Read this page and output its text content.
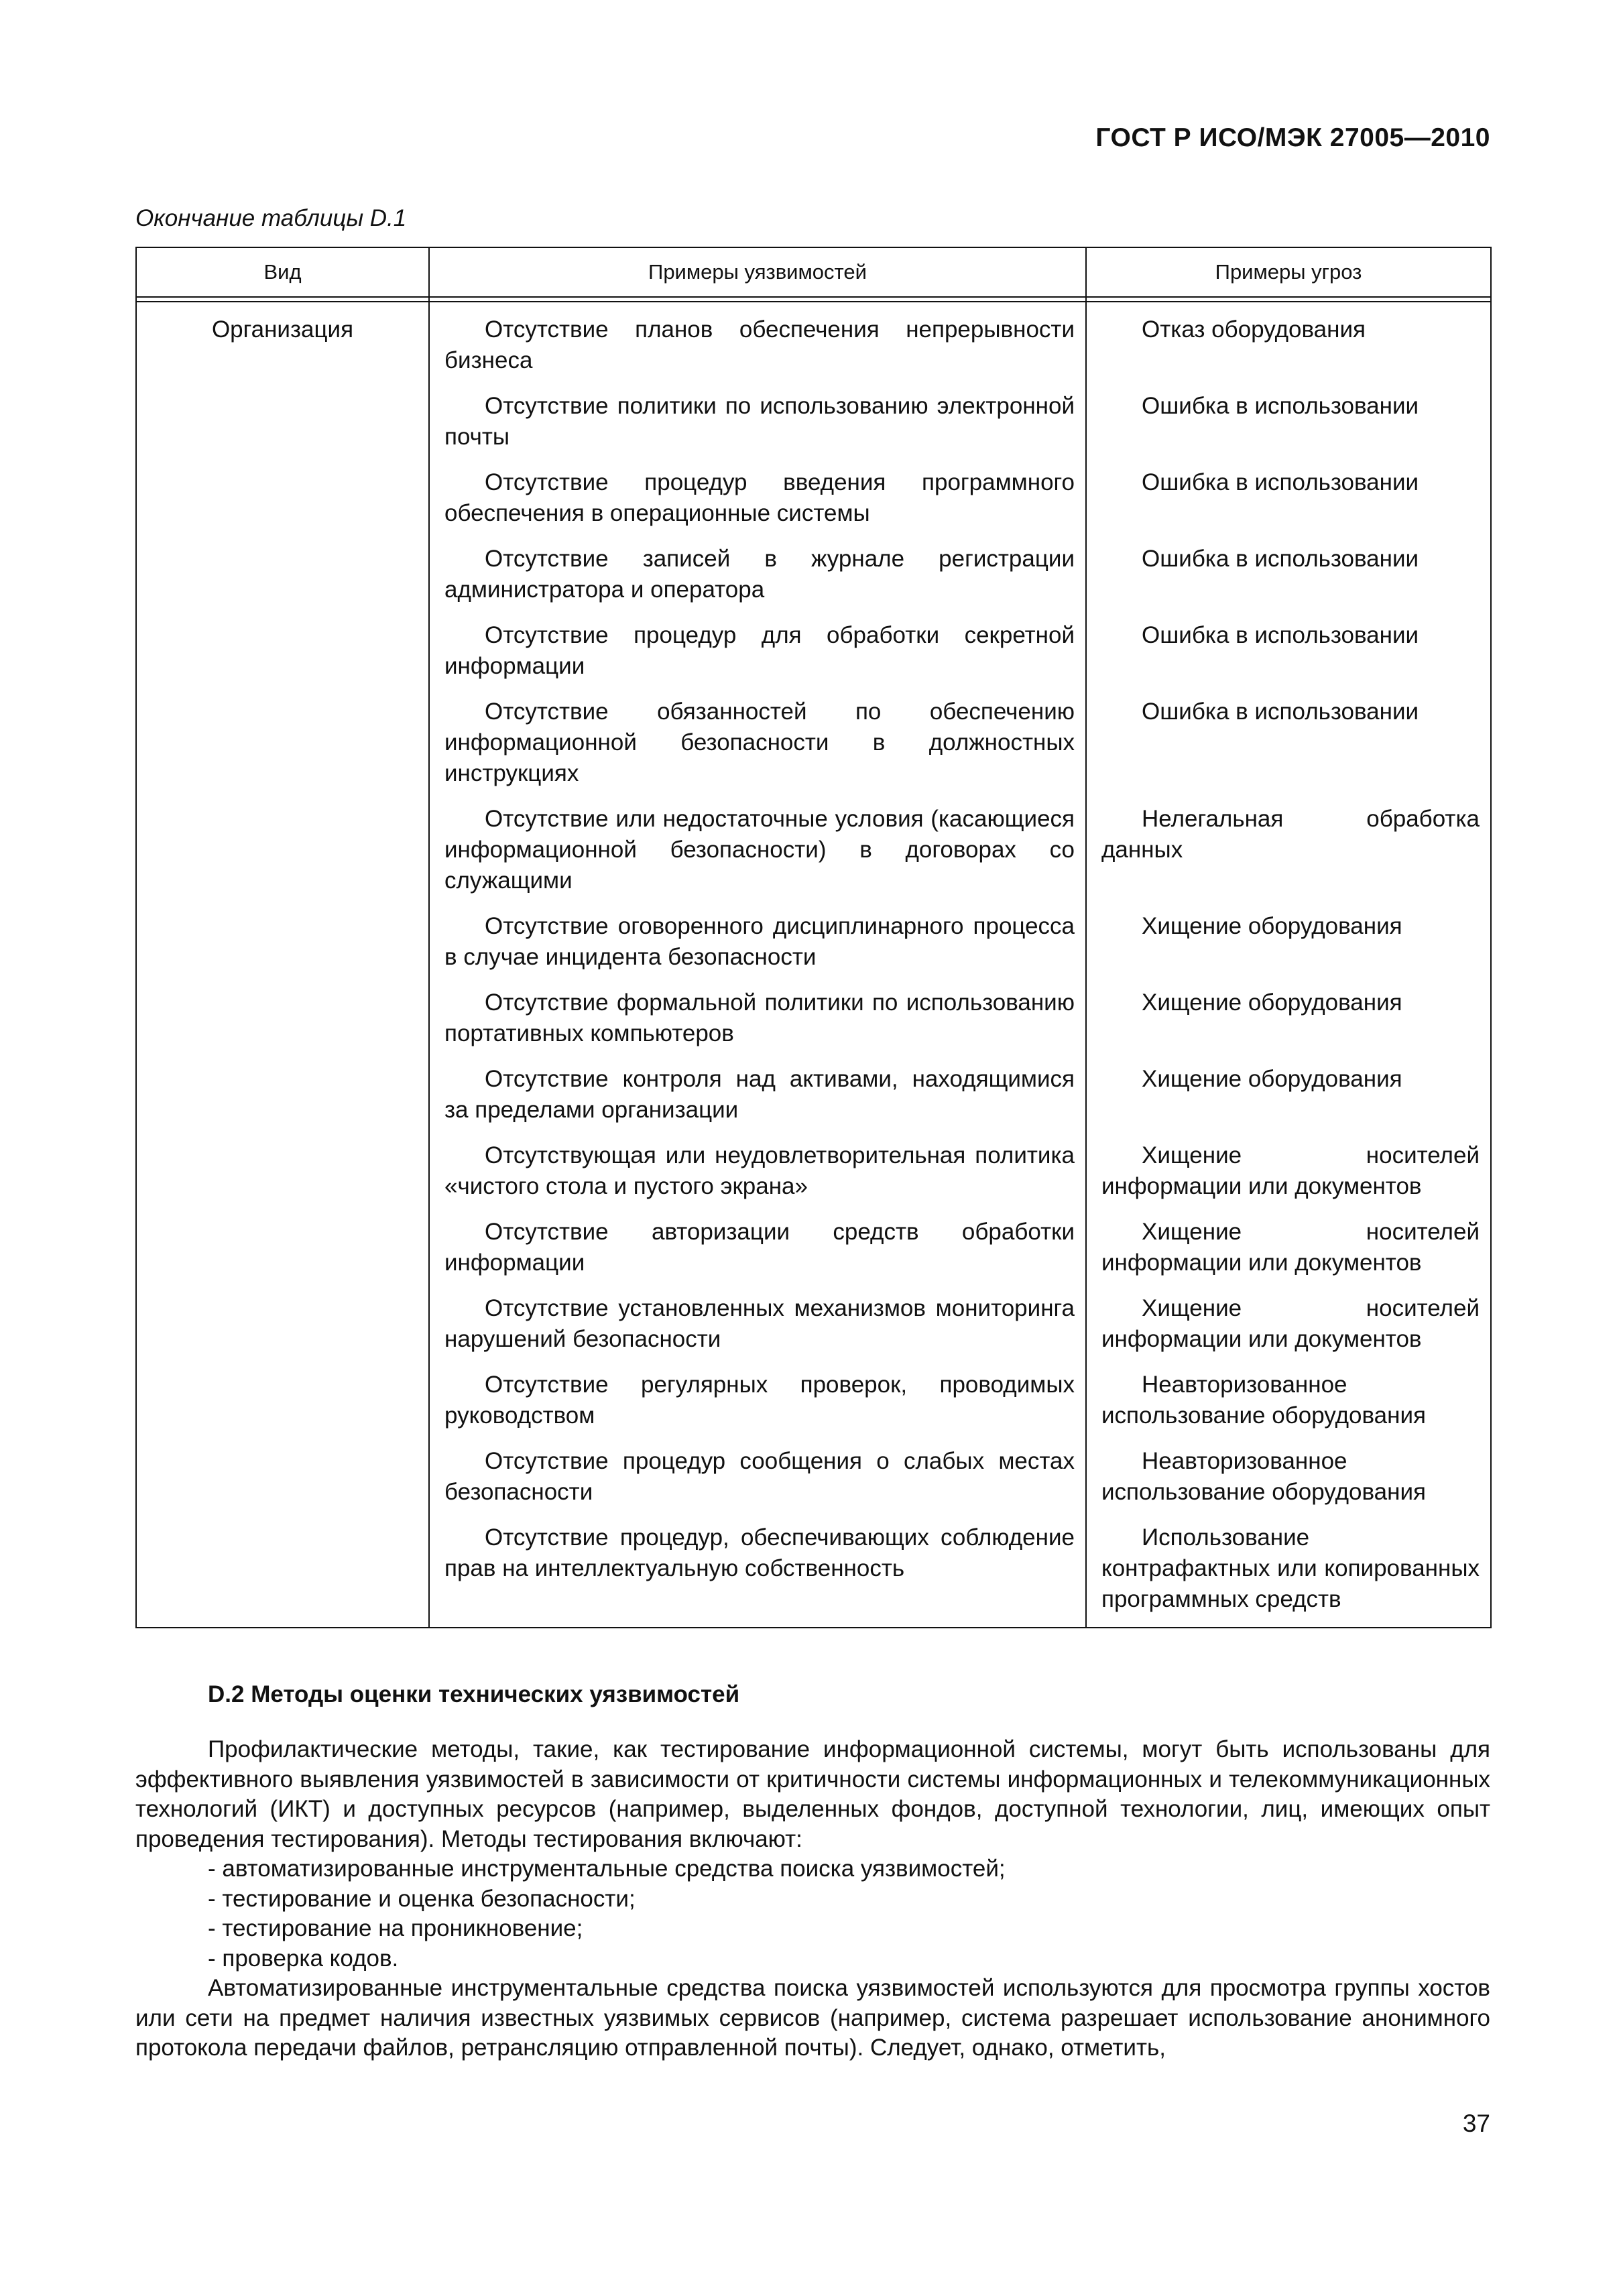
ГОСТ Р ИСО/МЭК 27005—2010
Окончание таблицы D.1
Вид	Примеры уязвимостей	Примеры угроз

Организация	Отсутствие планов обеспечения непрерывности бизнеса	Отказ оборудования

	Отсутствие политики по использованию электронной почты	Ошибка в использовании

	Отсутствие процедур введения программного обеспечения в операционные системы	Ошибка в использовании

	Отсутствие записей в журнале регистрации администратора и оператора	Ошибка в использовании

	Отсутствие процедур для обработки секретной информации	Ошибка в использовании

	Отсутствие обязанностей по обеспечению информационной безопасности в должностных инструкциях	Ошибка в использовании

	Отсутствие или недостаточные условия (касающиеся информационной безопасности) в договорах со служащими	Нелегальная обработка данных

	Отсутствие оговоренного дисциплинарного процесса в случае инцидента безопасности	Хищение оборудования

	Отсутствие формальной политики по использованию портативных компьютеров	Хищение оборудования

	Отсутствие контроля над активами, находящимися за пределами организации	Хищение оборудования

	Отсутствующая или неудовлетворительная политика «чистого стола и пустого экрана»	Хищение носителей информации или документов

	Отсутствие авторизации средств обработки информации	Хищение носителей информации или документов

	Отсутствие установленных механизмов мониторинга нарушений безопасности	Хищение носителей информации или документов

	Отсутствие регулярных проверок, проводимых руководством	Неавторизованное использование оборудования

	Отсутствие процедур сообщения о слабых местах безопасности	Неавторизованное использование оборудования

	Отсутствие процедур, обеспечивающих соблюдение прав на интеллектуальную собственность	Использование контрафактных или копированных программных средств
D.2 Методы оценки технических уязвимостей

Профилактические методы, такие, как тестирование информационной системы, могут быть использованы для эффективного выявления уязвимостей в зависимости от критичности системы информационных и телекоммуникационных технологий (ИКТ) и доступных ресурсов (например, выделенных фондов, доступной технологии, лиц, имеющих опыт проведения тестирования). Методы тестирования включают:

- автоматизированные инструментальные средства поиска уязвимостей;
- тестирование и оценка безопасности;
- тестирование на проникновение;
- проверка кодов.

Автоматизированные инструментальные средства поиска уязвимостей используются для просмотра группы хостов или сети на предмет наличия известных уязвимых сервисов (например, система разрешает использование анонимного протокола передачи файлов, ретрансляцию отправленной почты). Следует, однако, отметить,

37
